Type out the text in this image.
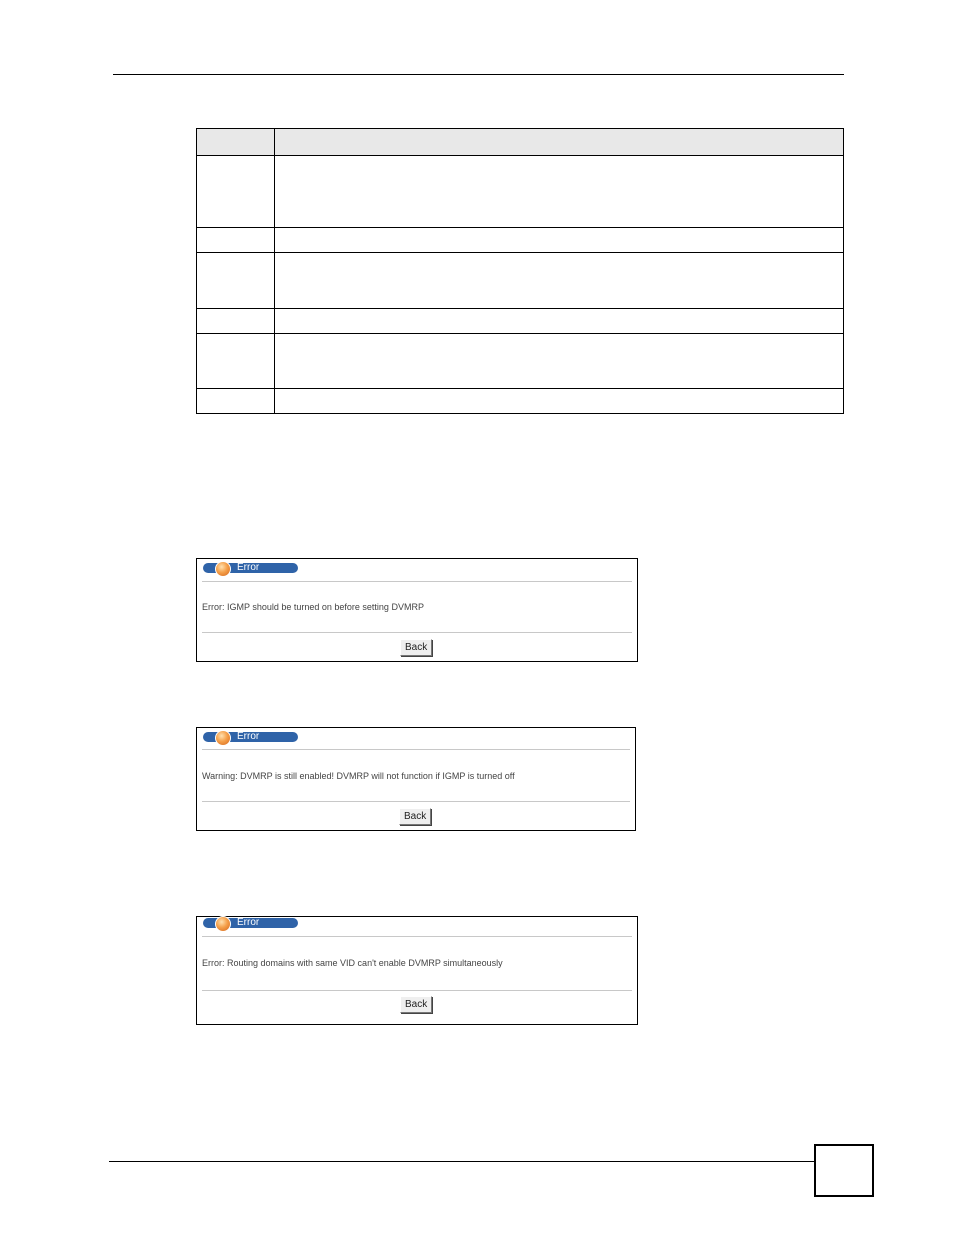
Error
Error: IGMP should be turned on before setting DVMRP
Back
Error
Warning: DVMRP is still enabled! DVMRP will not function if IGMP is turned off
Back
Error
Error: Routing domains with same VID can't enable DVMRP simultaneously
Back
